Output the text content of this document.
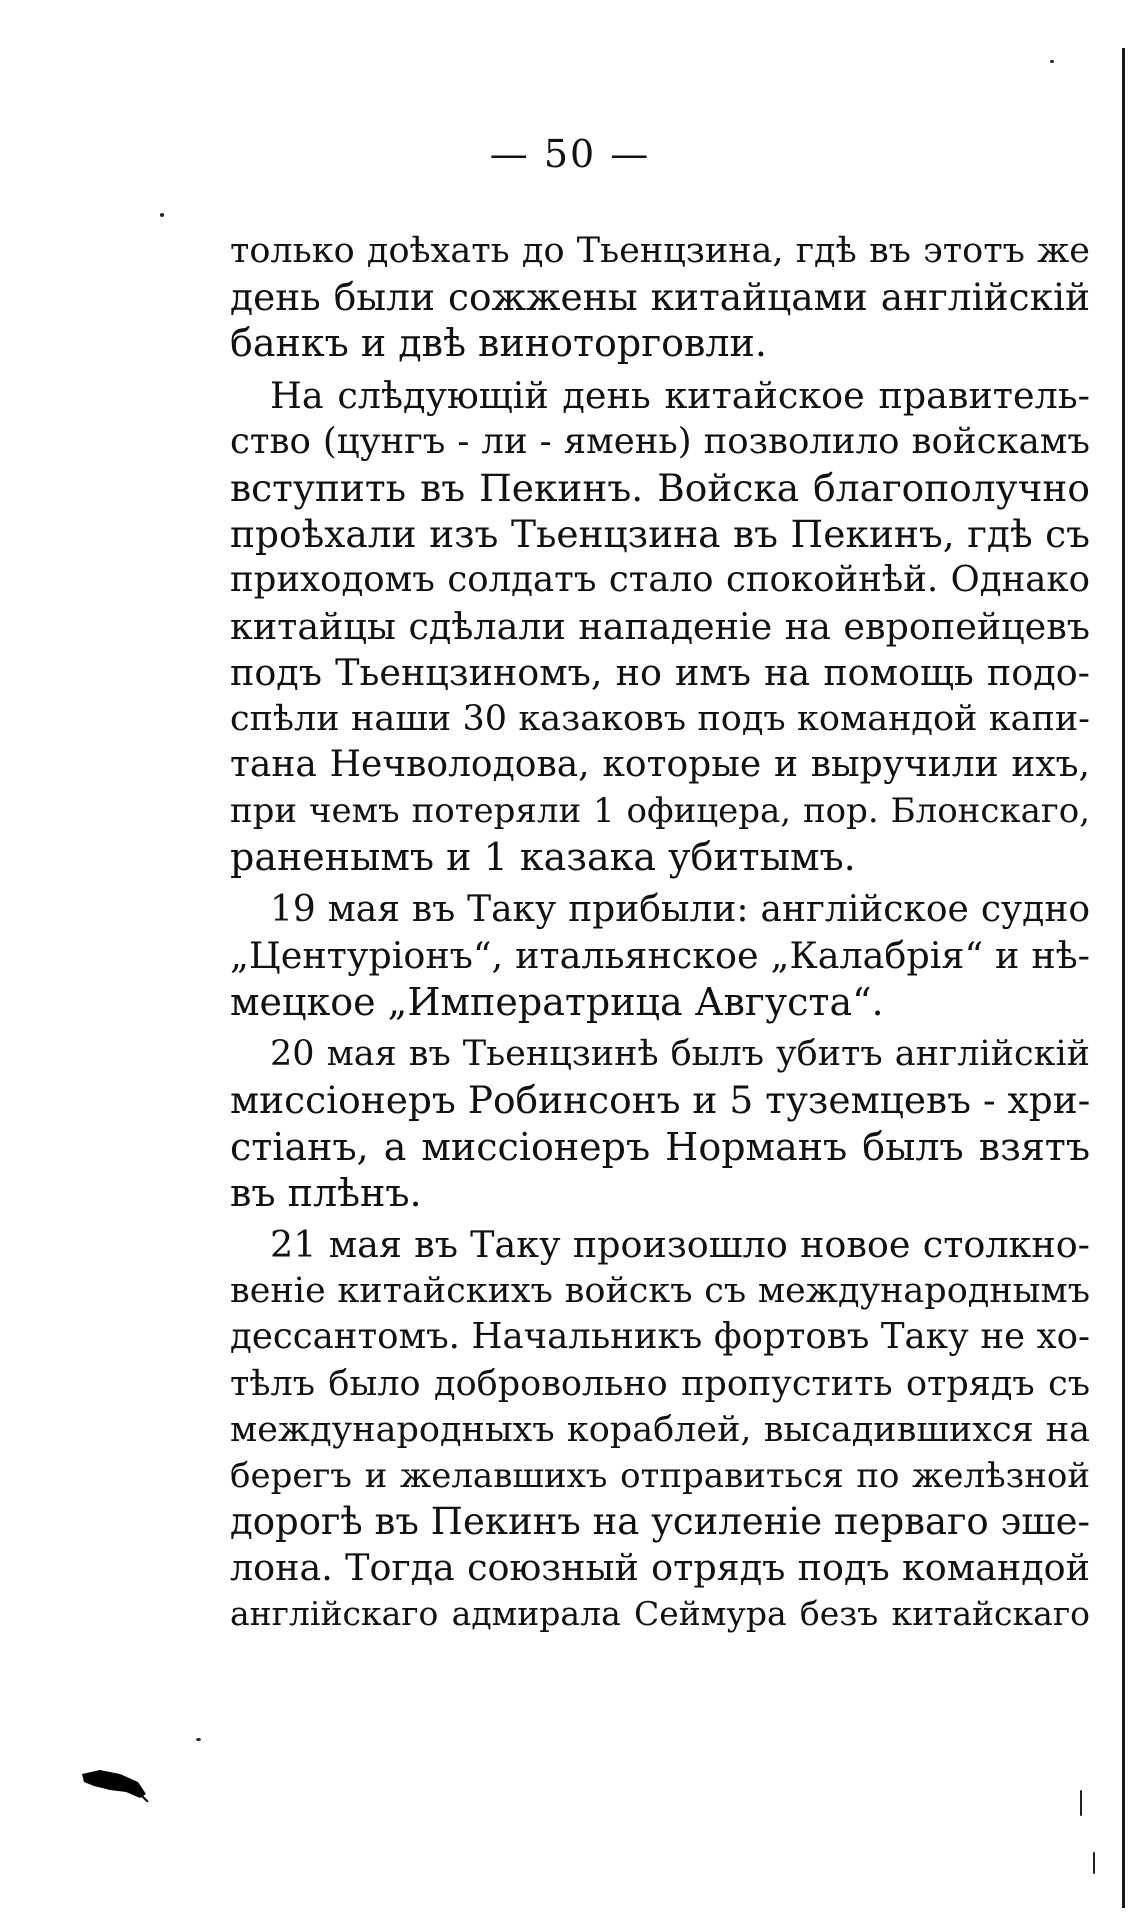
— 50 —
только доѣхать до Тьенцзина, гдѣ въ этотъ же
день были сожжены китайцами англійскій
банкъ и двѣ виноторговли.
На слѣдующій день китайское правитель-
ство (цунгъ - ли - ямень) позволило войскамъ
вступить въ Пекинъ. Войска благополучно
проѣхали изъ Тьенцзина въ Пекинъ, гдѣ съ
приходомъ солдатъ стало спокойнѣй. Однако
китайцы сдѣлали нападеніе на европейцевъ
подъ Тьенцзиномъ, но имъ на помощь подо-
спѣли наши 30 казаковъ подъ командой капи-
тана Нечволодова, которые и выручили ихъ,
при чемъ потеряли 1 офицера, пор. Блонскаго,
раненымъ и 1 казака убитымъ.
19 мая въ Таку прибыли: англійское судно
„Центуріонъ“, итальянское „Калабрія“ и нѣ-
мецкое „Императрица Августа“.
20 мая въ Тьенцзинѣ былъ убитъ англійскій
миссіонеръ Робинсонъ и 5 туземцевъ - хри-
стіанъ, а миссіонеръ Норманъ былъ взятъ
въ плѣнъ.
21 мая въ Таку произошло новое столкно-
веніе китайскихъ войскъ съ международнымъ
дессантомъ. Начальникъ фортовъ Таку не хо-
тѣлъ было добровольно пропустить отрядъ съ
международныхъ кораблей, высадившихся на
берегъ и желавшихъ отправиться по желѣзной
дорогѣ въ Пекинъ на усиленіе перваго эше-
лона. Тогда союзный отрядъ подъ командой
англійскаго адмирала Сеймура безъ китайскаго
